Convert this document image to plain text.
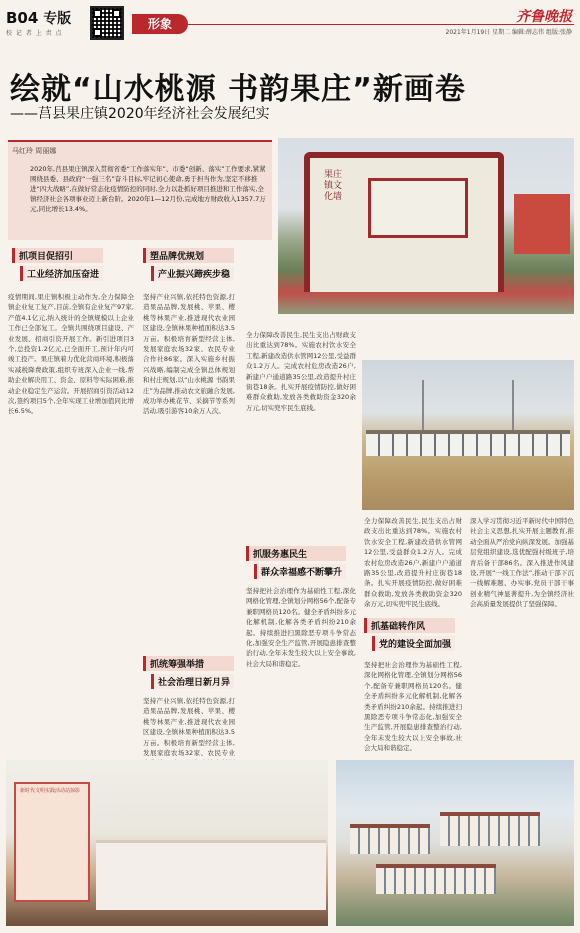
B04 专版
校 记 者 上 责 点
形象	齐鲁晚报
2021年1月19日 星期二 编辑:薛志伟 组版:张静
绘就“山水桃源 书韵果庄”新画卷
——莒县果庄镇2020年经济社会发展纪实
马红玲 周丽娜
2020年,莒县果庄镇深入贯彻省委“工作落实年”、市委“创新、落实”工作要求,紧紧围绕县委、县政府“一强三名”奋斗目标,牢记初心使命,勇于担当作为,坚定不移推进“四大战略”,在做好常态化疫情防控的同时,全力以赴抓好项目推进和工作落实,全镇经济社会各项事业迈上新台阶。2020年1—12月份,完成地方财政收入1357.7万元,同比增长13.4%。
果庄镇文化墙
抓项目促招引
工业经济加压奋进
塑品牌优规划
产业振兴蹄疾步稳
抓服务惠民生
群众幸福感不断攀升
抓统筹强举措
社会治理日新月异
抓基础转作风
党的建设全面加强
疫情期间,果庄镇积极主动作为,全力保障全镇企业复工复产,目前,全镇有企业复产97家,产值4.1亿元,纳入统计的全镇规模以上企业工作已全部复工。全镇共围绕项目建设、产业发展、招商引资开展工作。新引进项目3个,总投资1.2亿元,已全面开工,预计年内可竣工投产。果庄镇着力优化营商环境,积极落实减税降费政策,组织专班深入企业一线,帮助企业解决用工、资金、原料等实际困难,推动企业稳定生产运营。开展招商引资活动12次,签约项目5个,全年实现工业增加值同比增长6.5%。
坚持产业兴镇,依托特色资源,打造果品品牌,发展桃、苹果、樱桃等林果产业,推进现代农业园区建设,全镇林果种植面积达3.5万亩。积极培育新型经营主体,发展家庭农场32家、农民专业合作社86家。深入实施乡村振兴战略,编制完成全镇总体规划和村庄规划,以“山水桃源 书韵果庄”为品牌,推动农文旅融合发展,成功举办桃花节、采摘节等系列活动,吸引游客10余万人次。
全力保障改善民生,民生支出占财政支出比重达到78%。实施农村饮水安全工程,新建改造供水管网12公里,受益群众1.2万人。完成农村危房改造26户,新建户户通道路35公里,改造提升村庄街巷18条。扎实开展疫情防控,做好困难群众救助,发放各类救助资金320余万元,切实兜牢民生底线。
坚持把社会治理作为基础性工程,深化网格化管理,全镇划分网格56个,配备专兼职网格员120名。健全矛盾纠纷多元化解机制,化解各类矛盾纠纷210余起。持续推进扫黑除恶专项斗争常态化,加强安全生产监管,开展隐患排查整治行动,全年未发生较大以上安全事故,社会大局和谐稳定。
坚持产业兴镇,依托特色资源,打造果品品牌,发展桃、苹果、樱桃等林果产业,推进现代农业园区建设,全镇林果种植面积达3.5万亩。积极培育新型经营主体,发展家庭农场32家、农民专业
全力保障改善民生,民生支出占财政支出比重达到78%。实施农村饮水安全工程,新建改造供水管网12公里,受益群众1.2万人。完成农村危房改造26户,新建户户通道路35公里,改造提升村庄街巷18条。扎实开展疫情防控,做好困难群众救助,发放各类救助资金320余万元,切实兜牢民生底线。
坚持把社会治理作为基础性工程,深化网格化管理,全镇划分网格56个,配备专兼职网格员120名。健全矛盾纠纷多元化解机制,化解各类矛盾纠纷210余起。持续推进扫黑除恶专项斗争常态化,加强安全生产监管,开展隐患排查整治行动,全年未发生较大以上安全事故,社会大局和谐稳定。
深入学习贯彻习近平新时代中国特色社会主义思想,扎实开展主题教育,推动全面从严治党向纵深发展。加强基层党组织建设,选优配强村级班子,培育后备干部86名。深入推进作风建设,开展“一线工作法”,推动干部下沉一线解难题、办实事,党员干部干事创业精气神显著提升,为全镇经济社会高质量发展提供了坚强保障。
新时代文明实践活动站掠影
